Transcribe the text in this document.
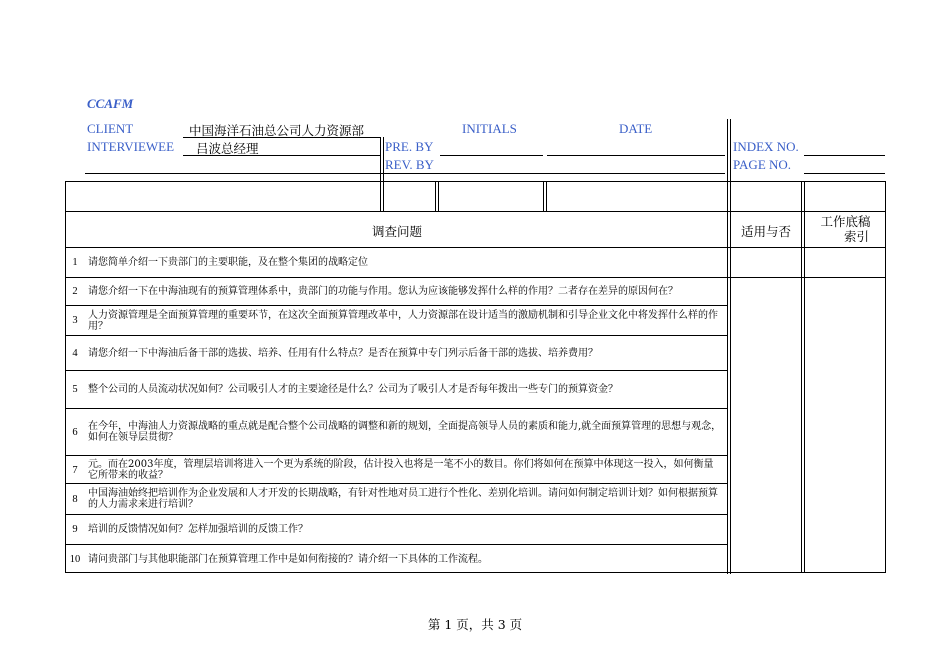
CCAFM
CLIENT	中国海洋石油总公司人力资源部
INTERVIEWEE 吕波总经理
INITIALS	DATE
PRE. BY
REV. BY
INDEX NO.
PAGE NO.
调查问题	适用与否
工作底稿
索引
1	请您简单介绍一下贵部门的主要职能，及在整个集团的战略定位
2	请您介绍一下在中海油现有的预算管理体系中，贵部门的功能与作用。您认为应该能够发挥什么样的作用？二者存在差异的原因何在？
3	人力资源管理是全面预算管理的重要环节，在这次全面预算管理改革中，人力资源部在设计适当的激励机制和引导企业文化中将发挥什么样的作用？
4	请您介绍一下中海油后备干部的选拔、培养、任用有什么特点？是否在预算中专门列示后备干部的选拔、培养费用？
5	整个公司的人员流动状况如何？公司吸引人才的主要途径是什么？公司为了吸引人才是否每年拨出一些专门的预算资金？
6	在今年，中海油人力资源战略的重点就是配合整个公司战略的调整和新的规划，全面提高领导人员的素质和能力,就全面预算管理的思想与观念，如何在领导层贯彻？
7	元。而在2003年度，管理层培训将进入一个更为系统的阶段，估计投入也将是一笔不小的数目。你们将如何在预算中体现这一投入，如何衡量它所带来的收益？
8	中国海油始终把培训作为企业发展和人才开发的长期战略，有针对性地对员工进行个性化、差别化培训。请问如何制定培训计划？如何根据预算的人力需求来进行培训？
9	培训的反馈情况如何？怎样加强培训的反馈工作？
10 请问贵部门与其他职能部门在预算管理工作中是如何衔接的？请介绍一下具体的工作流程。
第 1 页，共 3 页
